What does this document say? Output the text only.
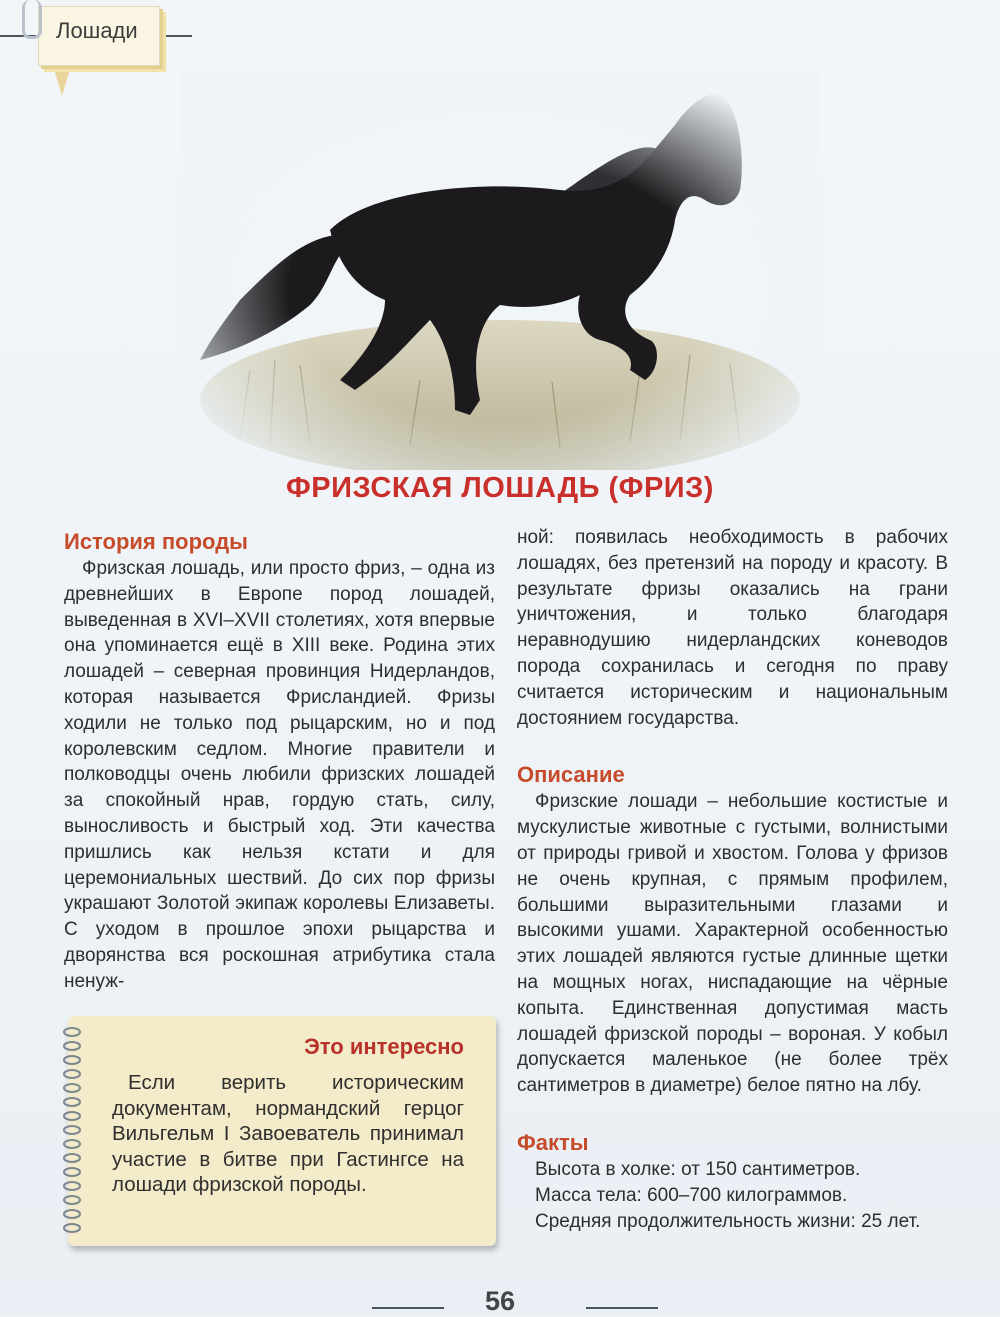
Лошади
ФРИЗСКАЯ ЛОШАДЬ (ФРИЗ)
История породы

Фризская лошадь, или просто фриз, – одна из древнейших в Европе пород лошадей, выведенная в XVI–XVII столетиях, хотя впервые она упоминается ещё в XIII веке. Родина этих лошадей – северная провинция Нидерландов, которая называется Фрисландией. Фризы ходили не только под рыцарским, но и под королевским седлом. Многие правители и полководцы очень любили фризских лошадей за спокойный нрав, гордую стать, силу, выносливость и быстрый ход. Эти качества пришлись как нельзя кстати и для церемониальных шествий. До сих пор фризы украшают Золотой экипаж королевы Елизаветы. С уходом в прошлое эпохи рыцарства и дворянства вся роскошная атрибутика стала ненуж-

ной: появилась необходимость в рабочих лошадях, без претензий на породу и красоту. В результате фризы оказались на грани уничтожения, и только благодаря неравнодушию нидерландских коневодов порода сохранилась и сегодня по праву считается историческим и национальным достоянием государства.

Описание

Фризские лошади – небольшие костистые и мускулистые животные с густыми, волнистыми от природы гривой и хвостом. Голова у фризов не очень крупная, с прямым профилем, большими выразительными глазами и высокими ушами. Характерной особенностью этих лошадей являются густые длинные щетки на мощных ногах, ниспадающие на чёрные копыта. Единственная допустимая масть лошадей фризской породы – вороная. У кобыл допускается маленькое (не более трёх сантиметров в диаметре) белое пятно на лбу.

Факты

Высота в холке: от 150 сантиметров.

Масса тела: 600–700 килограммов.

Средняя продолжительность жизни: 25 лет.

Это интересно
Если верить историческим документам, нормандский герцог Вильгельм I Завоеватель принимал участие в битве при Гастингсе на лошади фризской породы.
56
